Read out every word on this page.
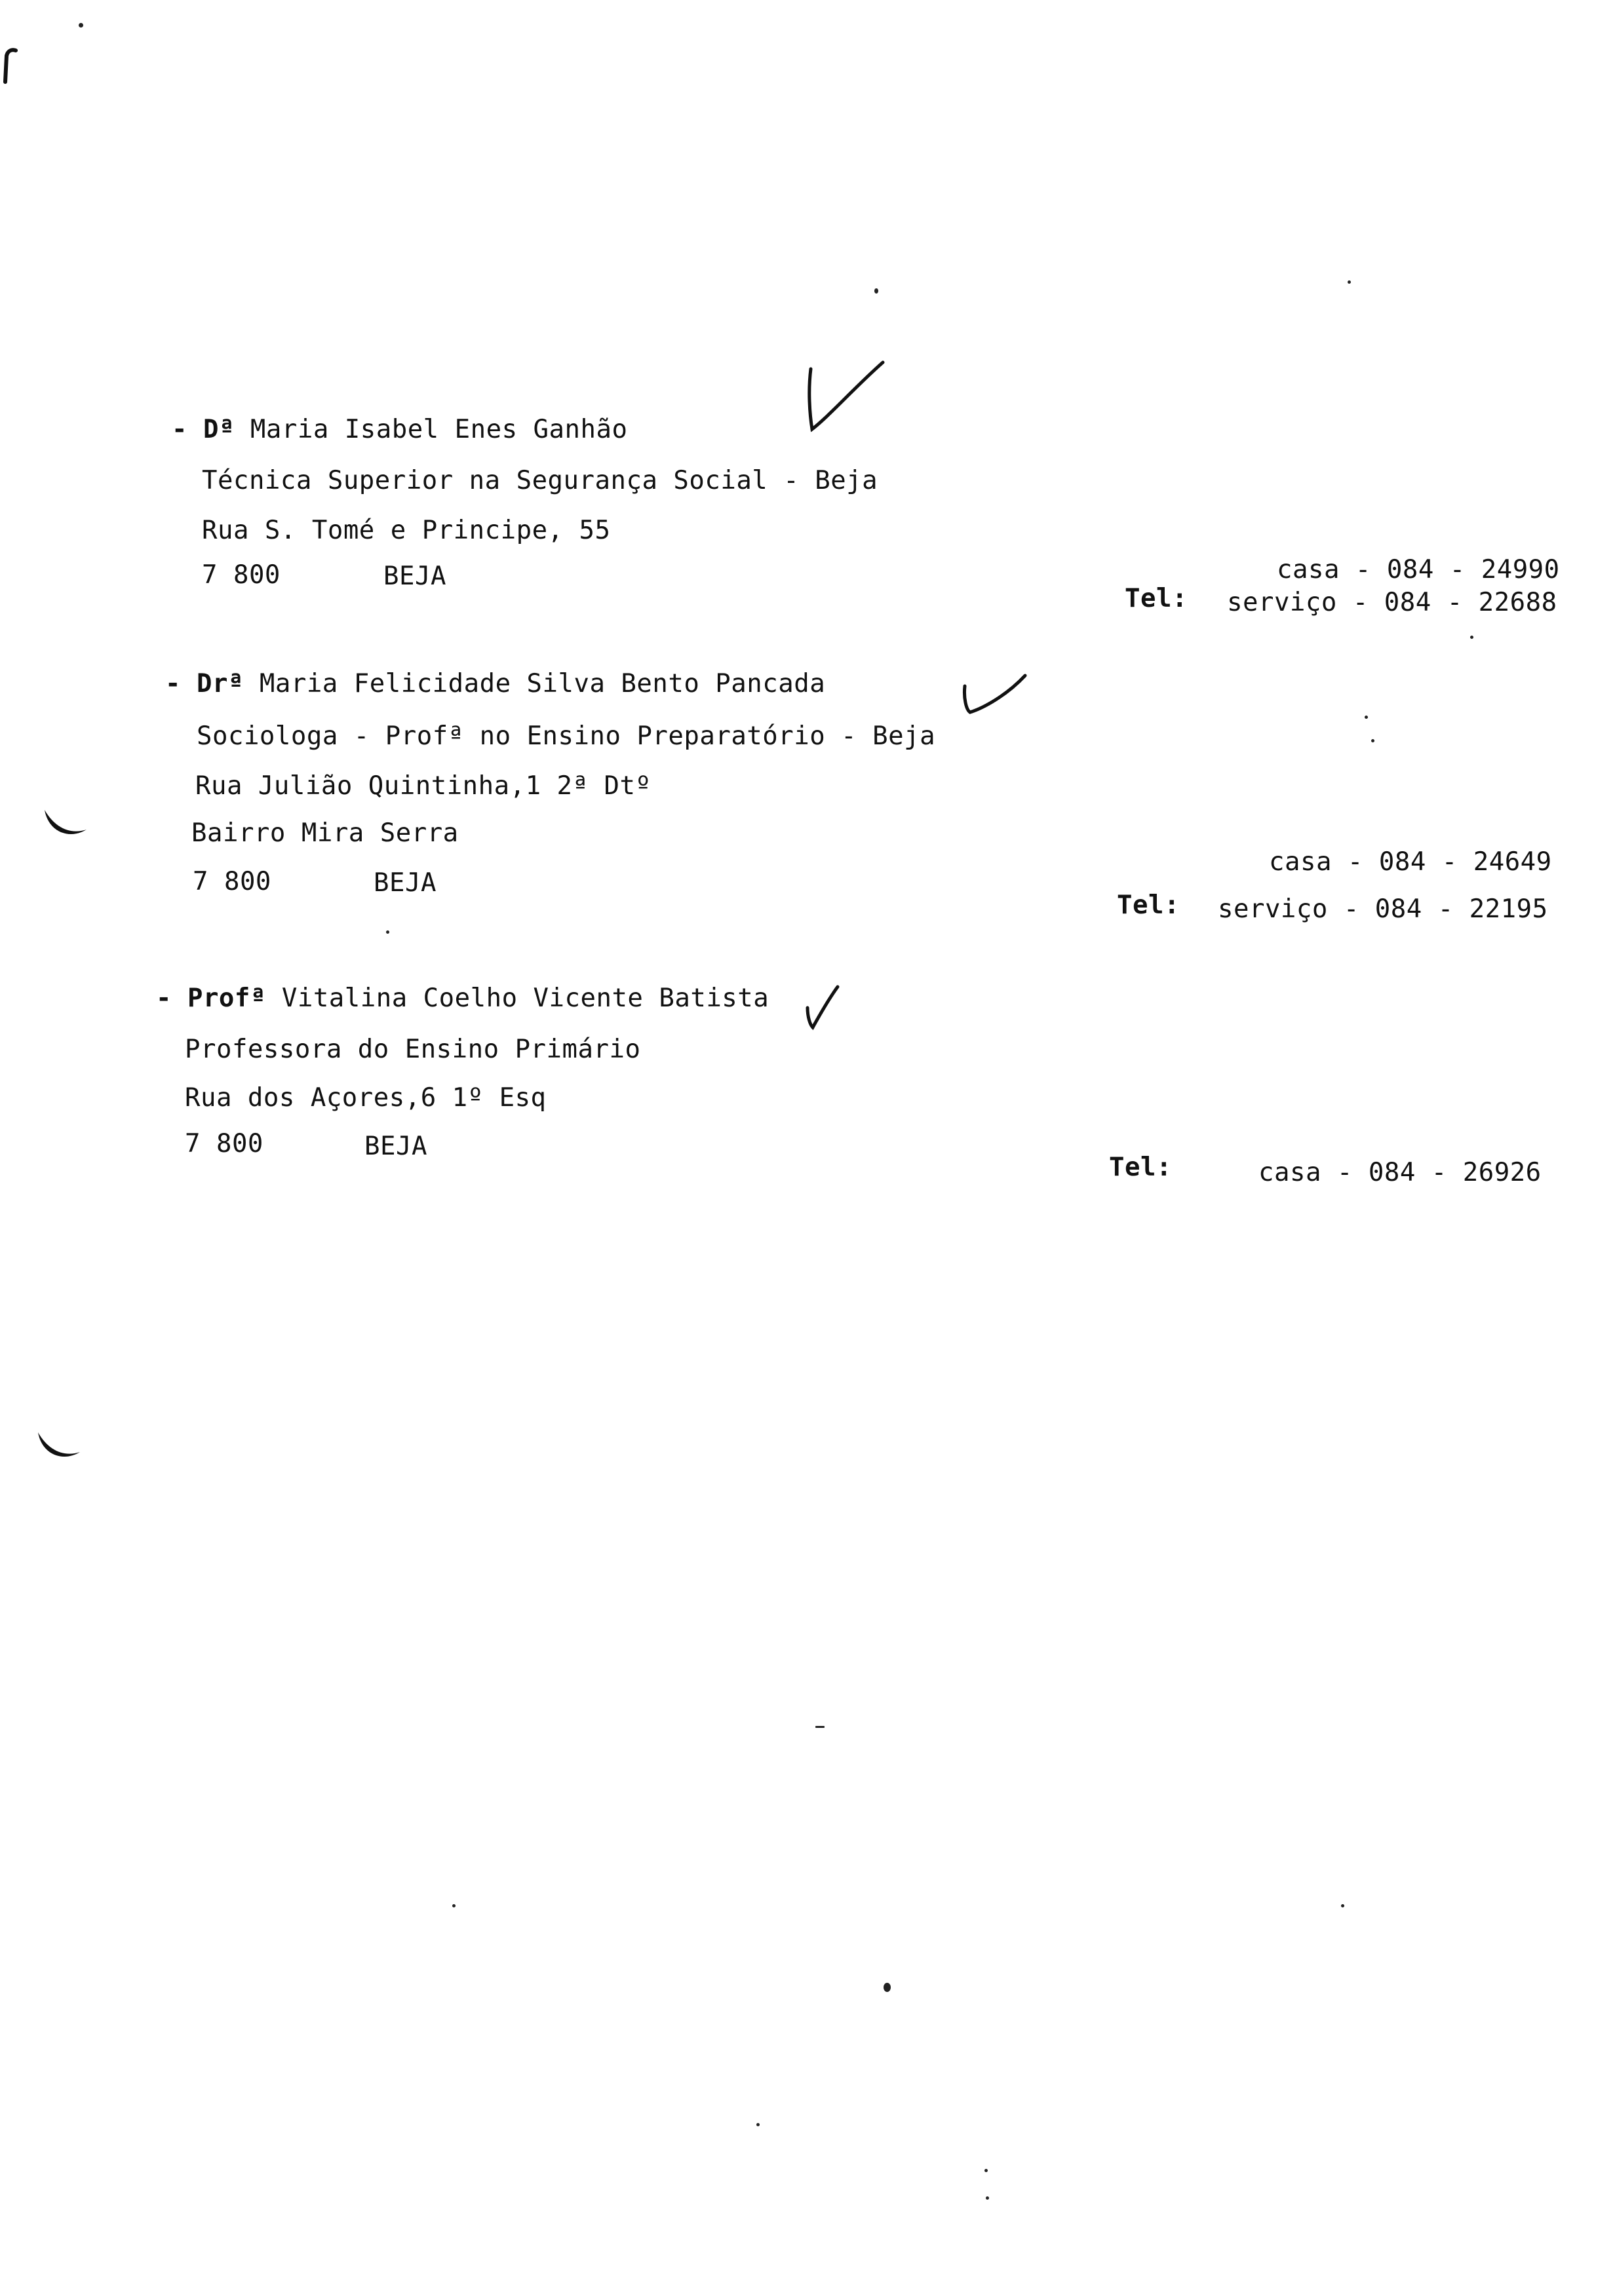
- Dª Maria Isabel Enes Ganhão
Técnica Superior na Segurança Social - Beja
Rua S. Tomé e Principe, 55
7 800	BEJA	casa - 084 - 24990
Tel: serviço - 084 - 22688
- Drª Maria Felicidade Silva Bento Pancada
Sociologa - Profª no Ensino Preparatório - Beja
Rua Julião Quintinha,1 2ª Dtº
Bairro Mira Serra
7 800	BEJA
casa - 084 - 24649
Tel: serviço - 084 - 22195
- Profª Vitalina Coelho Vicente Batista
Professora do Ensino Primário
Rua dos Açores,6 1º Esq
7 800	BEJA
Tel:	casa - 084 - 26926
